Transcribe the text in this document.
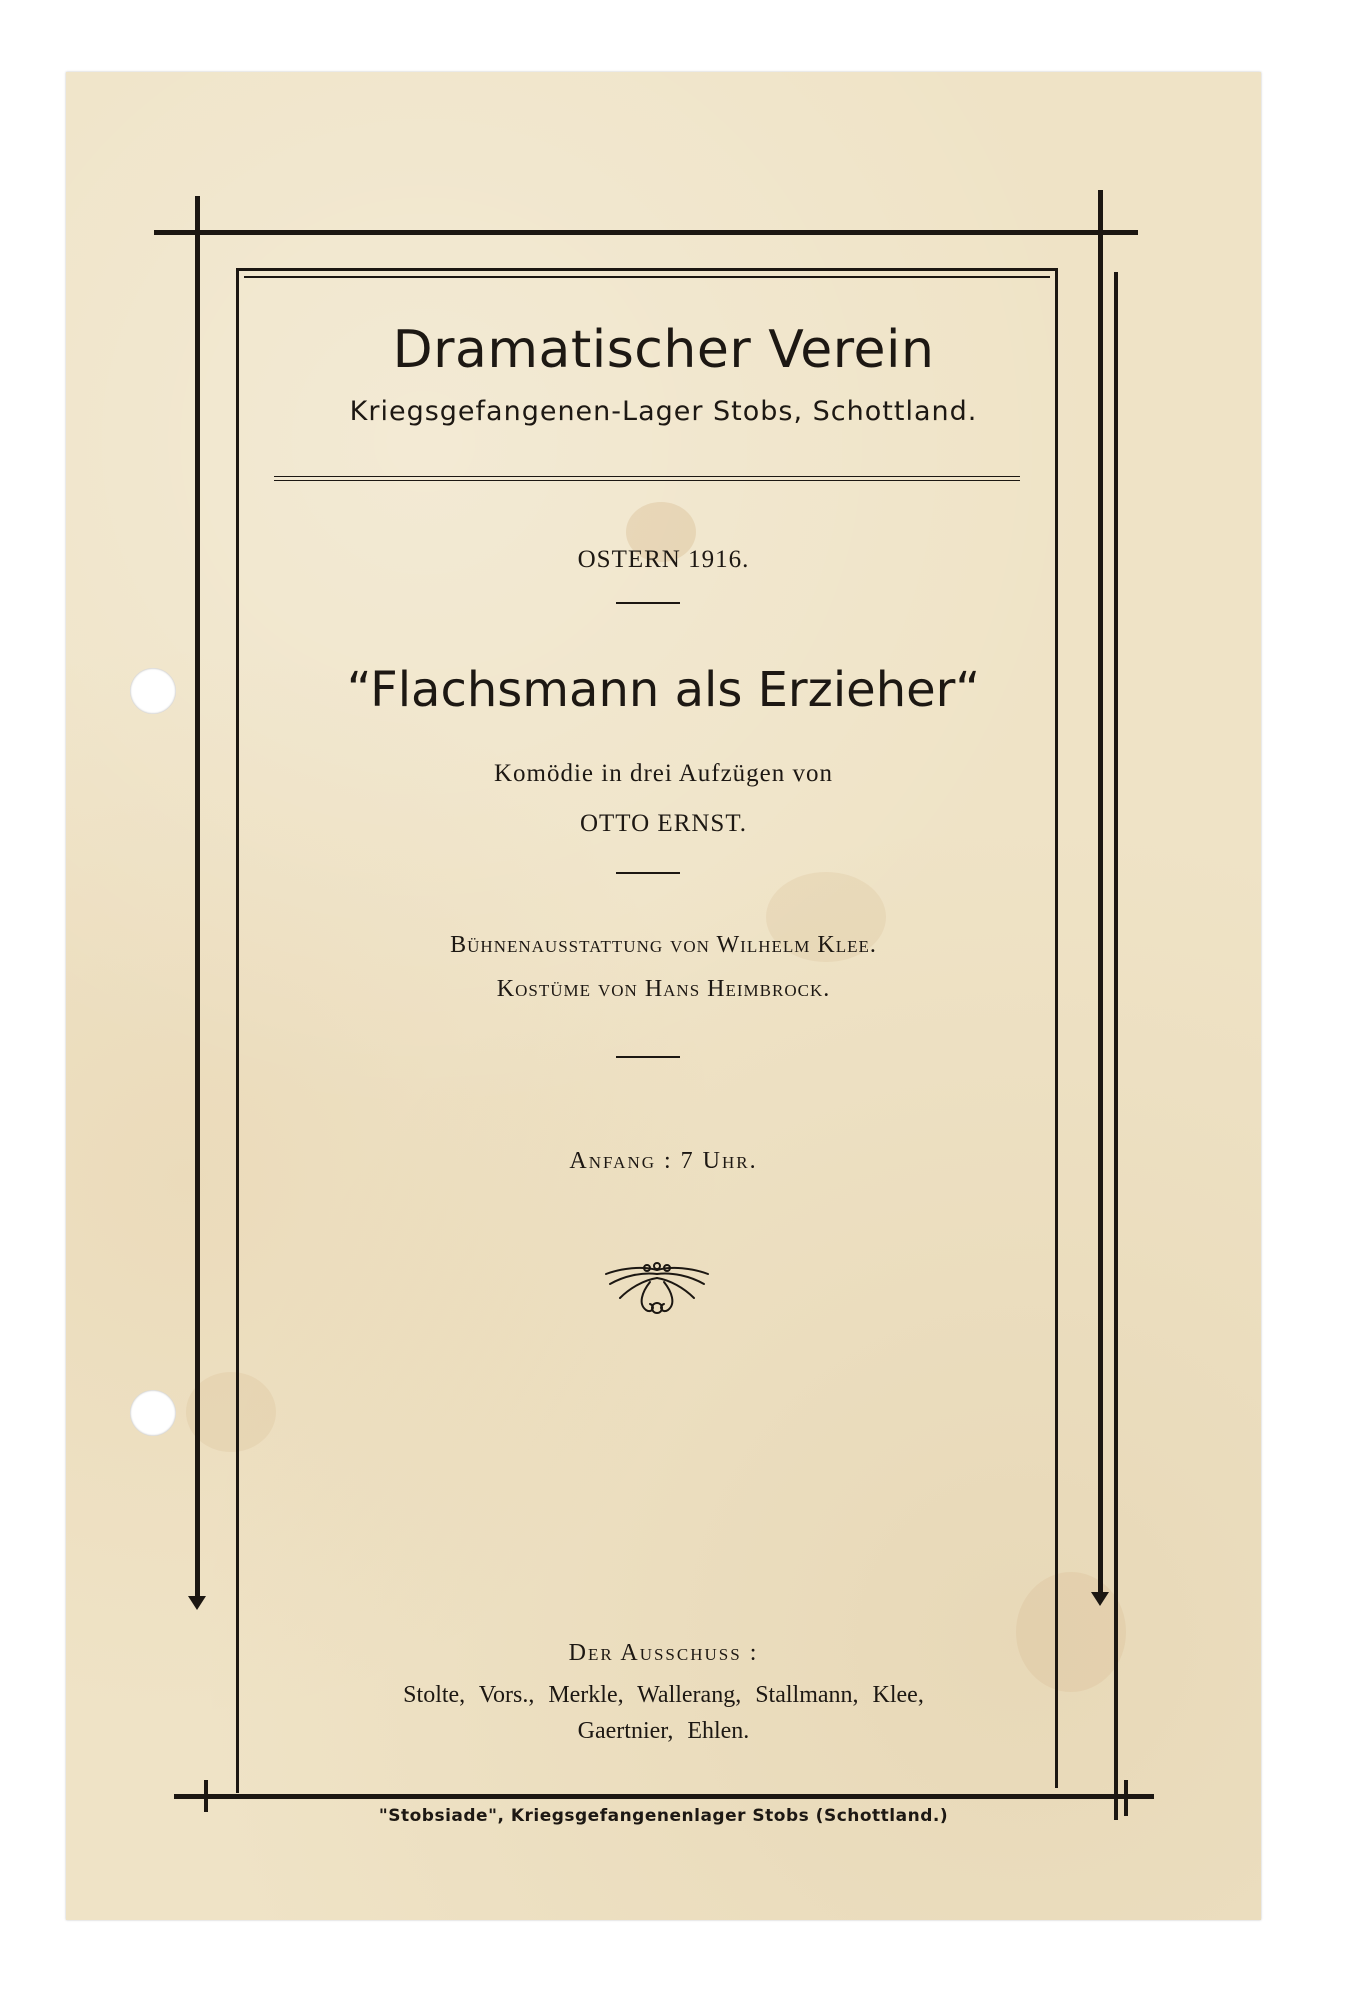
Dramatischer Verein
Kriegsgefangenen-Lager Stobs, Schottland.
OSTERN 1916.
“Flachsmann als Erzieher“
Komödie in drei Aufzügen von
OTTO ERNST.
Bühnenausstattung von Wilhelm Klee.
Kostüme von Hans Heimbrock.
Anfang : 7 Uhr.
Der Ausschuss :
Stolte, Vors., Merkle, Wallerang, Stallmann, Klee,
Gaertnier, Ehlen.
"Stobsiade", Kriegsgefangenenlager Stobs (Schottland.)
